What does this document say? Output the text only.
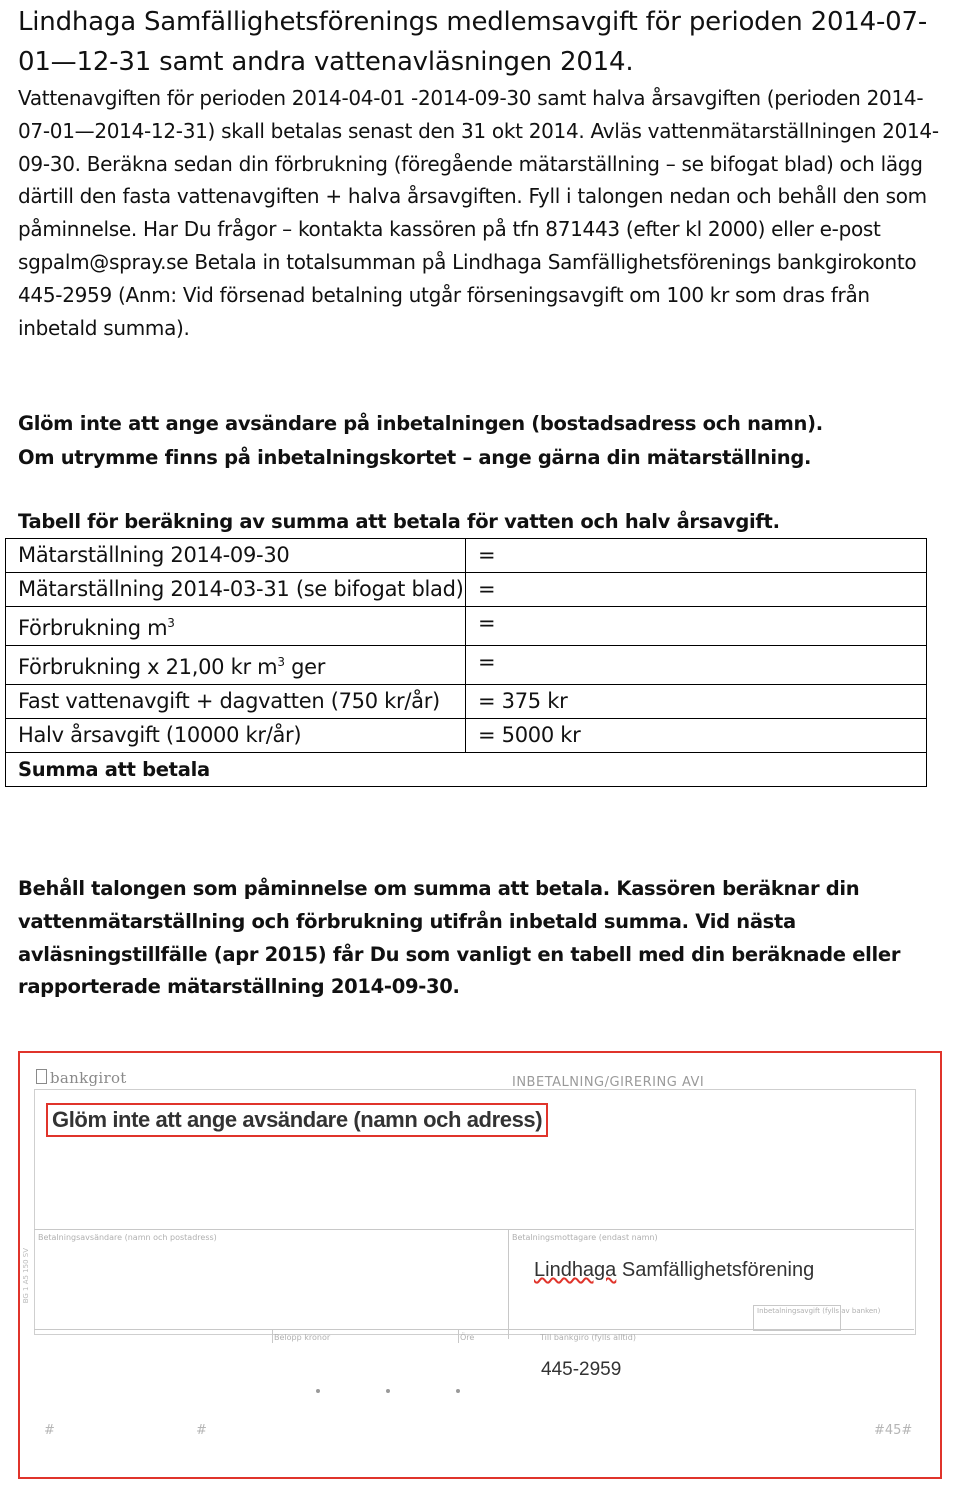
Lindhaga Samfällighetsförenings medlemsavgift för perioden 2014-07-01—12-31 samt andra vattenavläsningen 2014.

Vattenavgiften för perioden 2014-04-01 -2014-09-30 samt halva årsavgiften (perioden 2014-07-01—2014-12-31) skall betalas senast den 31 okt 2014. Avläs vattenmätarställningen 2014-09-30. Beräkna sedan din förbrukning (föregående mätarställning – se bifogat blad) och lägg därtill den fasta vattenavgiften + halva årsavgiften. Fyll i talongen nedan och behåll den som påminnelse. Har Du frågor – kontakta kassören på tfn 871443 (efter kl 2000) eller e-post sgpalm@spray.se Betala in totalsumman på Lindhaga Samfällighetsförenings bankgirokonto 445-2959 (Anm: Vid försenad betalning utgår förseningsavgift om 100 kr som dras från inbetald summa).

Glöm inte att ange avsändare på inbetalningen (bostadsadress och namn).
Om utrymme finns på inbetalningskortet – ange gärna din mätarställning.
Tabell för beräkning av summa att betala för vatten och halv årsavgift.
Mätarställning 2014-09-30	=
Mätarställning 2014-03-31 (se bifogat blad)	=
Förbrukning $m^3$	=
Förbrukning x 21,00 kr $m^3$ ger	=
Fast vattenavgift + dagvatten (750 kr/år)	= 375 kr
Halv årsavgift (10000 kr/år)	= 5000 kr
Summa att betala	

Behåll talongen som påminnelse om summa att betala. Kassören beräknar din vattenmätarställning och förbrukning utifrån inbetald summa. Vid nästa avläsningstillfälle (apr 2015) får Du som vanligt en tabell med din beräknade eller rapporterade mätarställning 2014-09-30.

bankgirot	INBETALNING/GIRERING AVI
Glöm inte att ange avsändare (namn och adress)
Betalningsavsändare (namn och postadress)	Betalningsmottagare (endast namn)
BG 1 A5 150 SV	Lindhaga Samfällighetsförening
Inbetalningsavgift (fylls av banken)
Belopp kronor	Öre	Till bankgiro (fylls alltid)
445-2959
#	#	#45#
